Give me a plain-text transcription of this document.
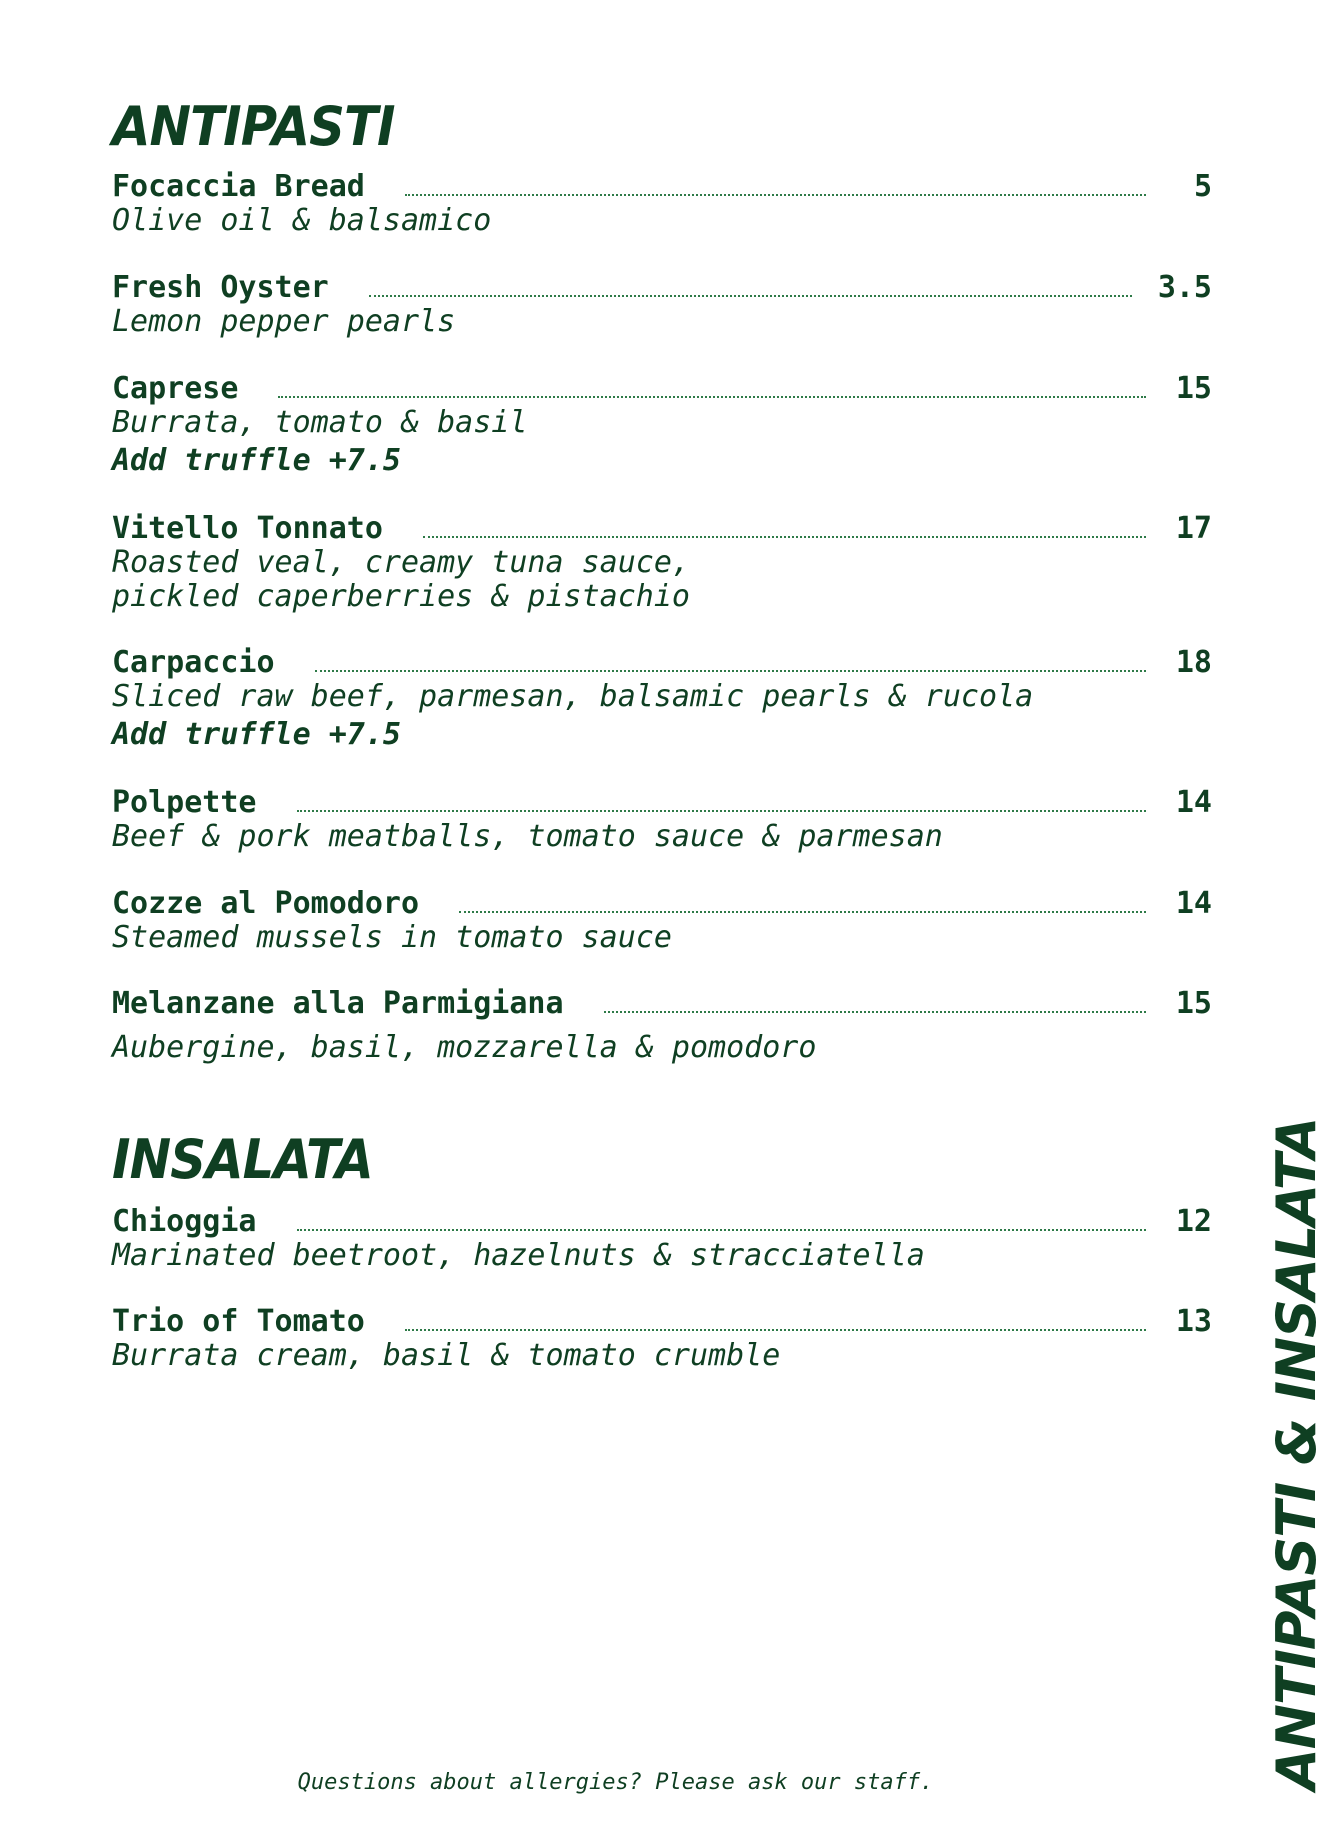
ANTIPASTI
Focaccia Bread	5
Olive oil & balsamico
Fresh Oyster	3.5
Lemon pepper pearls
Caprese	15
Burrata, tomato & basil
Add truffle +7.5
Vitello Tonnato	17
Roasted veal, creamy tuna sauce,
pickled caperberries & pistachio
Carpaccio	18
Sliced raw beef, parmesan, balsamic pearls & rucola
Add truffle +7.5
Polpette	14
Beef & pork meatballs, tomato sauce & parmesan
Cozze al Pomodoro	14
Steamed mussels in tomato sauce
Melanzane alla Parmigiana	15
Aubergine, basil, mozzarella & pomodoro
INSALATA
Chioggia	12
Marinated beetroot, hazelnuts & stracciatella
Trio of Tomato	13
Burrata cream, basil & tomato crumble	ANTIPASTI & INSALATA
Questions about allergies? Please ask our staff.
